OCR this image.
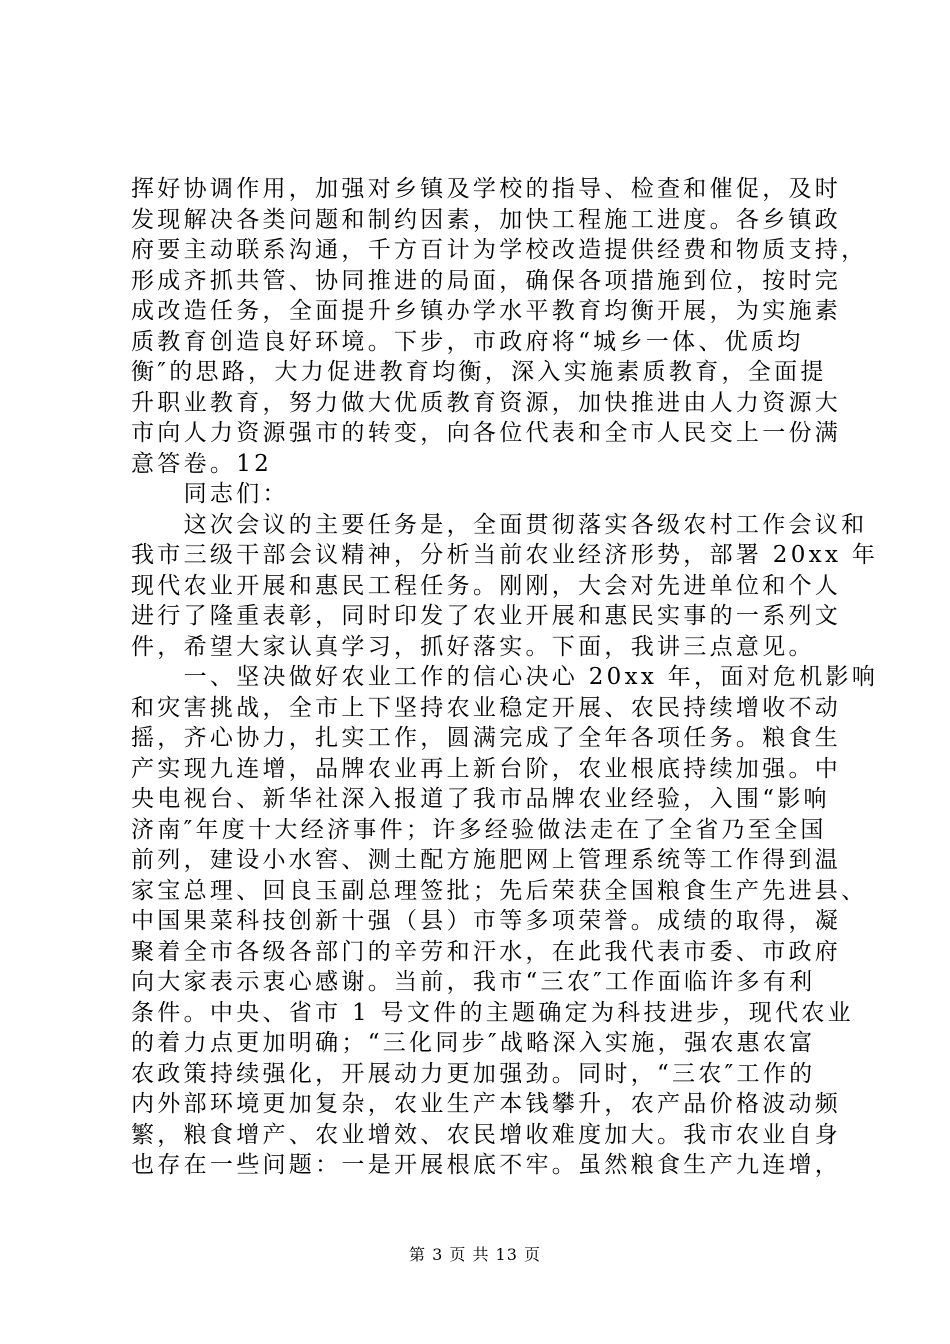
挥好协调作用，加强对乡镇及学校的指导、检查和催促，及时
发现解决各类问题和制约因素，加快工程施工进度。各乡镇政
府要主动联系沟通，千方百计为学校改造提供经费和物质支持，
形成齐抓共管、协同推进的局面，确保各项措施到位，按时完
成改造任务，全面提升乡镇办学水平教育均衡开展，为实施素
质教育创造良好环境。下步，市政府将“城乡一体、优质均
衡″的思路，大力促进教育均衡，深入实施素质教育，全面提
升职业教育，努力做大优质教育资源，加快推进由人力资源大
市向人力资源强市的转变，向各位代表和全市人民交上一份满
意答卷。12
　　同志们：
　　这次会议的主要任务是，全面贯彻落实各级农村工作会议和
我市三级干部会议精神，分析当前农业经济形势，部署 20xx 年
现代农业开展和惠民工程任务。刚刚，大会对先进单位和个人
进行了隆重表彰，同时印发了农业开展和惠民实事的一系列文
件，希望大家认真学习，抓好落实。下面，我讲三点意见。
　　一、坚决做好农业工作的信心决心 20xx 年，面对危机影响
和灾害挑战，全市上下坚持农业稳定开展、农民持续增收不动
摇，齐心协力，扎实工作，圆满完成了全年各项任务。粮食生
产实现九连增，品牌农业再上新台阶，农业根底持续加强。中
央电视台、新华社深入报道了我市品牌农业经验，入围“影响
济南″年度十大经济事件；许多经验做法走在了全省乃至全国
前列，建设小水窖、测土配方施肥网上管理系统等工作得到温
家宝总理、回良玉副总理签批；先后荣获全国粮食生产先进县、
中国果菜科技创新十强（县）市等多项荣誉。成绩的取得，凝
聚着全市各级各部门的辛劳和汗水，在此我代表市委、市政府
向大家表示衷心感谢。当前，我市“三农″工作面临许多有利
条件。中央、省市 1 号文件的主题确定为科技进步，现代农业
的着力点更加明确；“三化同步″战略深入实施，强农惠农富
农政策持续强化，开展动力更加强劲。同时，“三农″工作的
内外部环境更加复杂，农业生产本钱攀升，农产品价格波动频
繁，粮食增产、农业增效、农民增收难度加大。我市农业自身
也存在一些问题：一是开展根底不牢。虽然粮食生产九连增，
第 3 页 共 13 页
